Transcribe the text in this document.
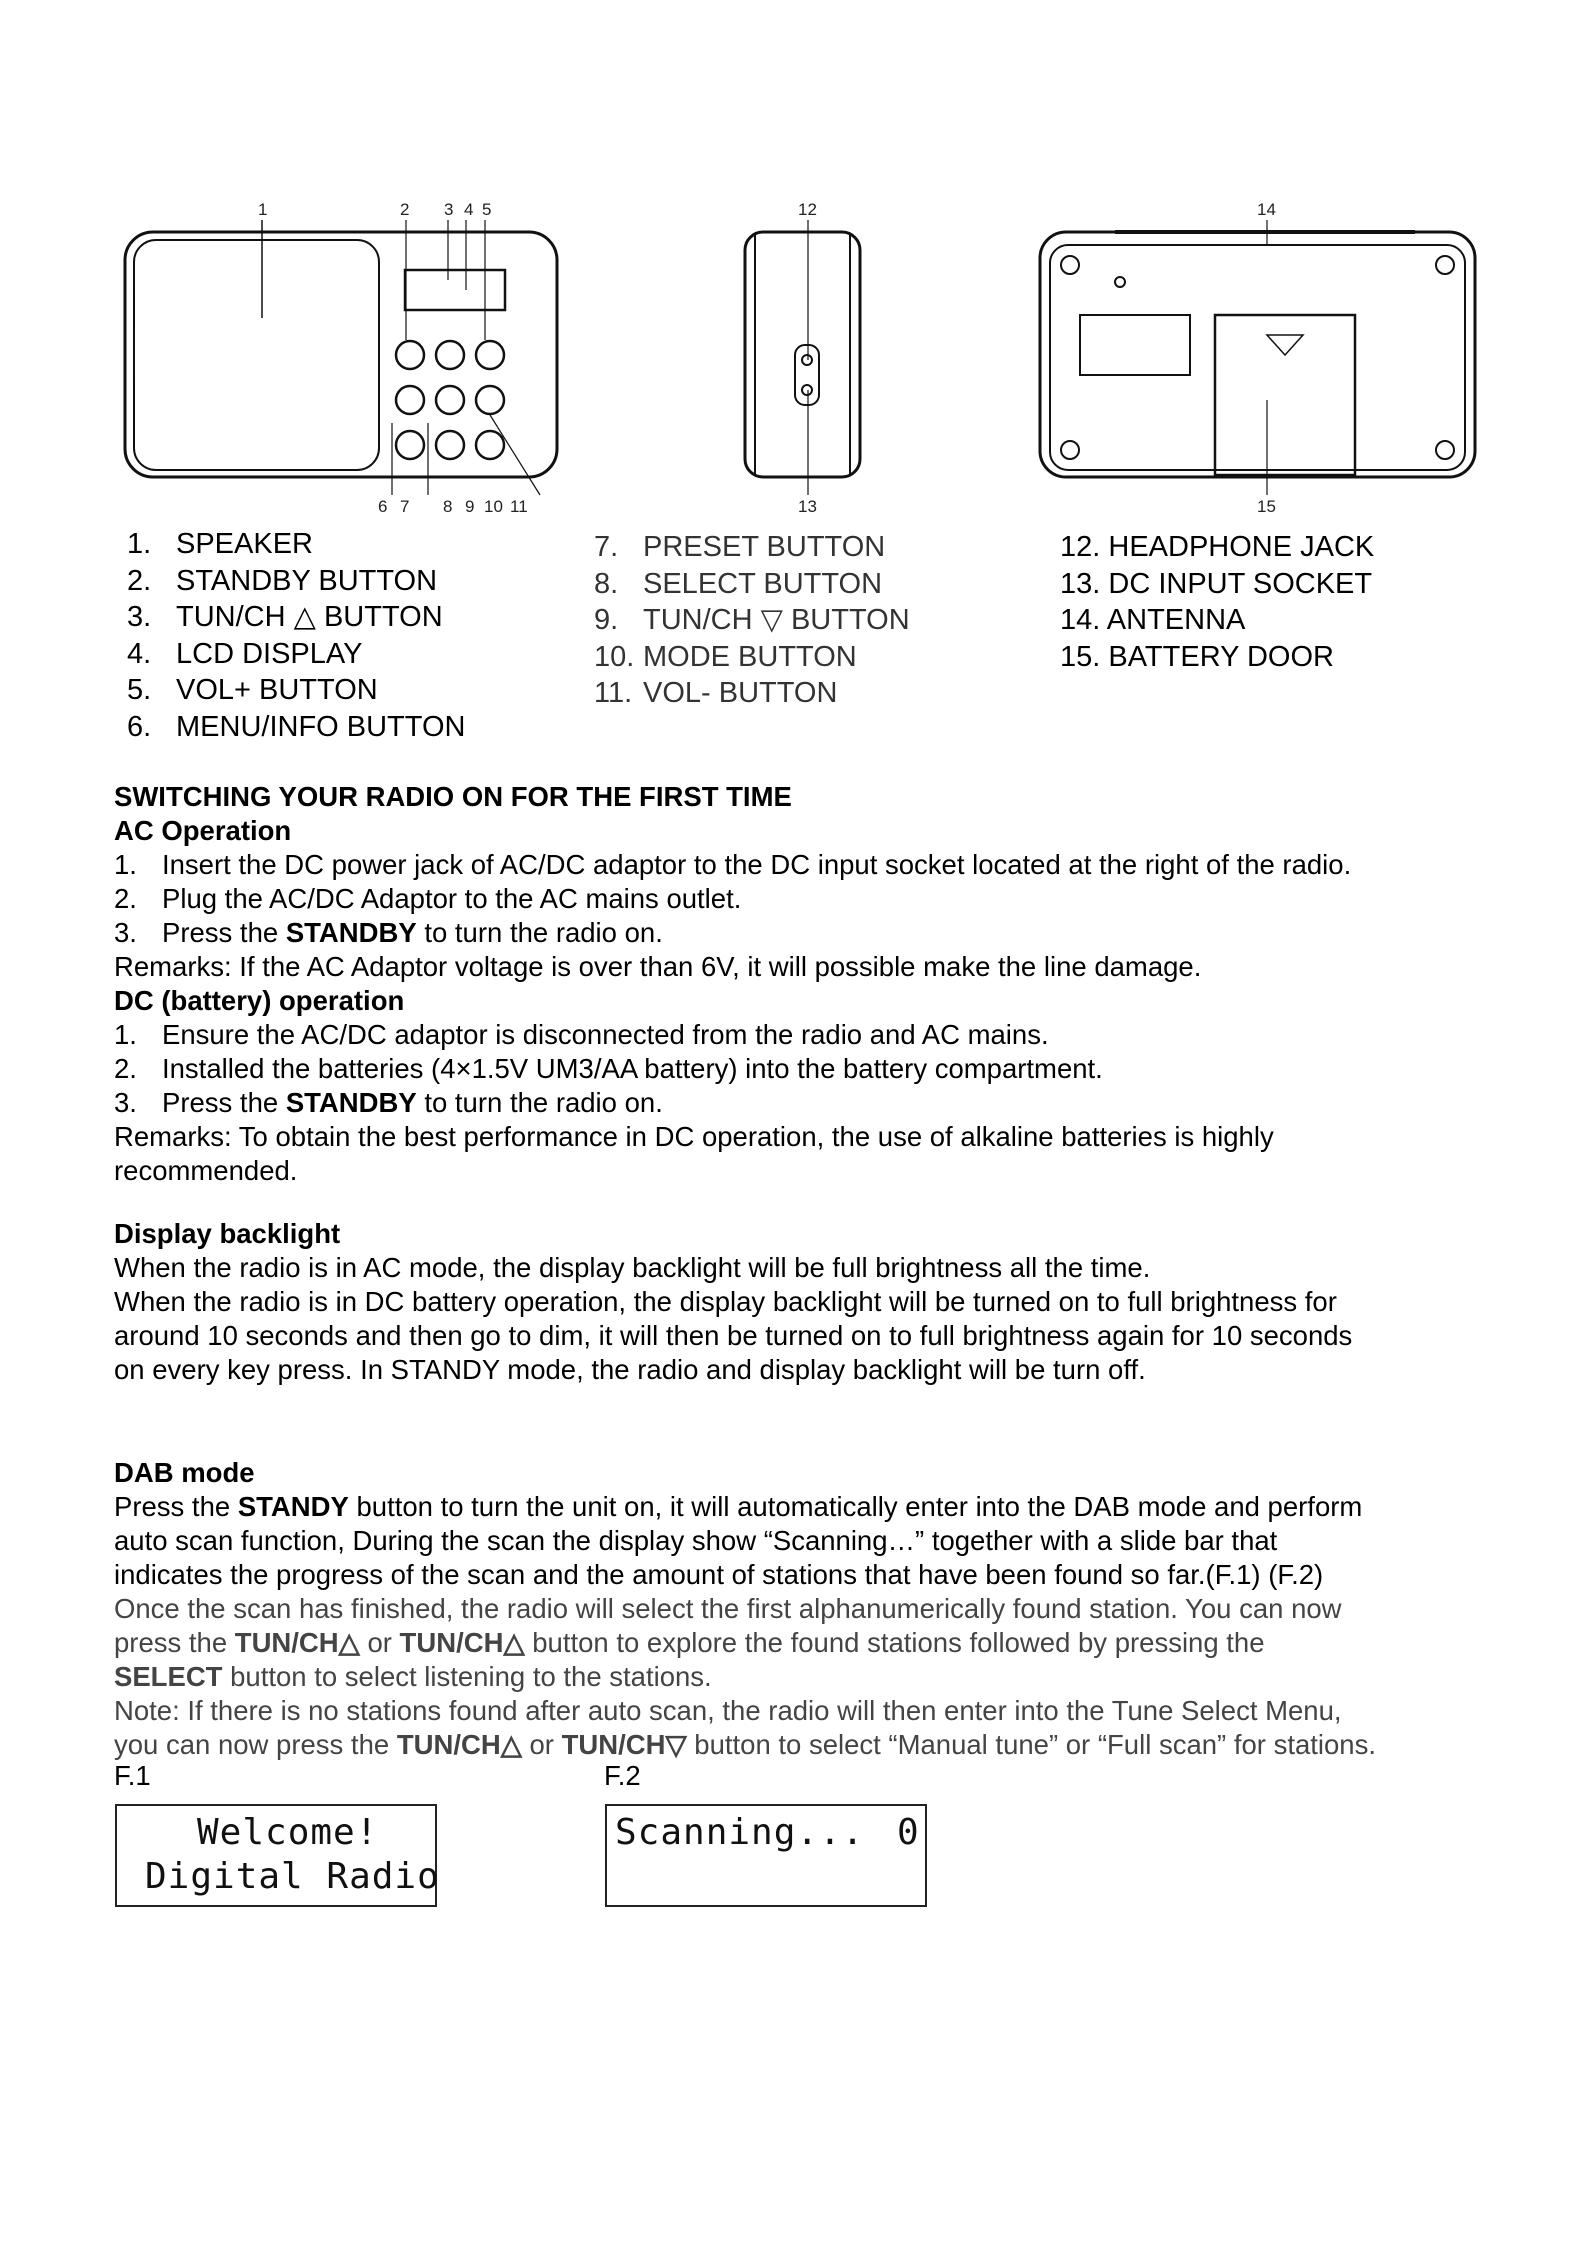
1	2 3 4 5
6 7 8 9 10 11
12
13
14
15
1. SPEAKER
2. STANDBY BUTTON
3. TUN/CH △ BUTTON
4. LCD DISPLAY
5. VOL+ BUTTON
6. MENU/INFO BUTTON
7. PRESET BUTTON
8. SELECT BUTTON
9. TUN/CH ▽ BUTTON
10. MODE BUTTON
11. VOL- BUTTON
12. HEADPHONE JACK
13. DC INPUT SOCKET
14. ANTENNA
15. BATTERY DOOR

SWITCHING YOUR RADIO ON FOR THE FIRST TIME

AC Operation

1. Insert the DC power jack of AC/DC adaptor to the DC input socket located at the right of the radio.

2. Plug the AC/DC Adaptor to the AC mains outlet.

3. Press the STANDBY to turn the radio on.

Remarks: If the AC Adaptor voltage is over than 6V, it will possible make the line damage.

DC (battery) operation

1. Ensure the AC/DC adaptor is disconnected from the radio and AC mains.

2. Installed the batteries (4×1.5V UM3/AA battery) into the battery compartment.

3. Press the STANDBY to turn the radio on.

Remarks: To obtain the best performance in DC operation, the use of alkaline batteries is highly

recommended.

Display backlight

When the radio is in AC mode, the display backlight will be full brightness all the time.

When the radio is in DC battery operation, the display backlight will be turned on to full brightness for

around 10 seconds and then go to dim, it will then be turned on to full brightness again for 10 seconds

on every key press. In STANDY mode, the radio and display backlight will be turn off.

DAB mode

Press the STANDY button to turn the unit on, it will automatically enter into the DAB mode and perform

auto scan function, During the scan the display show “Scanning…” together with a slide bar that

indicates the progress of the scan and the amount of stations that have been found so far.(F.1) (F.2)

Once the scan has finished, the radio will select the first alphanumerically found station. You can now

press the TUN/CH△ or TUN/CH△ button to explore the found stations followed by pressing the

SELECT button to select listening to the stations.

Note: If there is no stations found after auto scan, the radio will then enter into the Tune Select Menu,

you can now press the TUN/CH△ or TUN/CH▽ button to select “Manual tune” or “Full scan” for stations.

F.1	F.2
Welcome!
Digital Radio
Scanning... 0
